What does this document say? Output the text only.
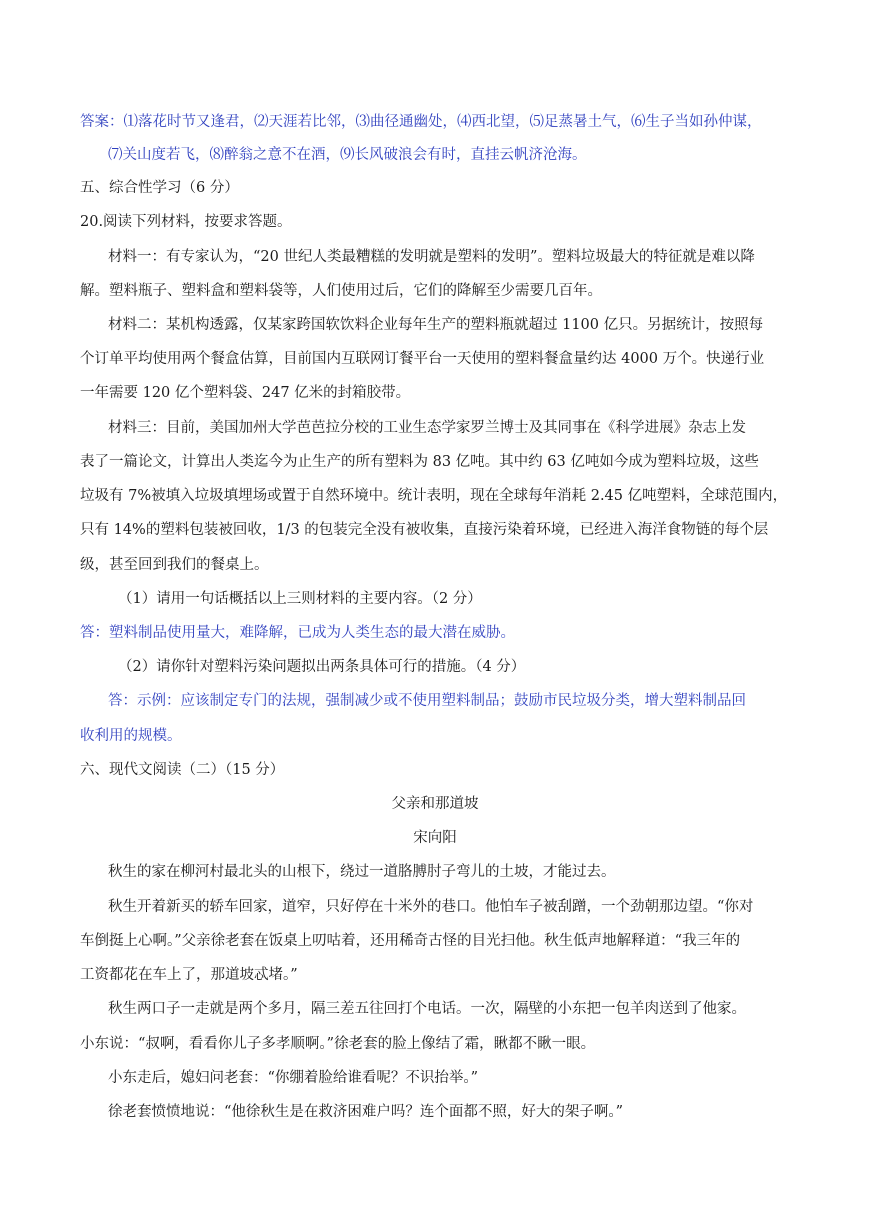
答案：⑴落花时节又逢君，⑵天涯若比邻，⑶曲径通幽处，⑷西北望，⑸足蒸暑土气，⑹生子当如孙仲谋，
⑺关山度若飞，⑻醉翁之意不在酒，⑼长风破浪会有时，直挂云帆济沧海。
五、综合性学习（6 分）
20.阅读下列材料，按要求答题。
材料一：有专家认为，“20 世纪人类最糟糕的发明就是塑料的发明”。塑料垃圾最大的特征就是难以降
解。塑料瓶子、塑料盒和塑料袋等，人们使用过后，它们的降解至少需要几百年。
材料二：某机构透露，仅某家跨国软饮料企业每年生产的塑料瓶就超过 1100 亿只。另据统计，按照每
个订单平均使用两个餐盒估算，目前国内互联网订餐平台一天使用的塑料餐盒量约达 4000 万个。快递行业
一年需要 120 亿个塑料袋、247 亿米的封箱胶带。
材料三：目前，美国加州大学芭芭拉分校的工业生态学家罗兰博士及其同事在《科学进展》杂志上发
表了一篇论文，计算出人类迄今为止生产的所有塑料为 83 亿吨。其中约 63 亿吨如今成为塑料垃圾，这些
垃圾有 7%被填入垃圾填埋场或置于自然环境中。统计表明，现在全球每年消耗 2.45 亿吨塑料，全球范围内，
只有 14%的塑料包装被回收，1/3 的包装完全没有被收集，直接污染着环境，已经进入海洋食物链的每个层
级，甚至回到我们的餐桌上。
（1）请用一句话概括以上三则材料的主要内容。（2 分）
答：塑料制品使用量大，难降解，已成为人类生态的最大潜在威胁。
（2）请你针对塑料污染问题拟出两条具体可行的措施。（4 分）
答：示例：应该制定专门的法规，强制减少或不使用塑料制品；鼓励市民垃圾分类，增大塑料制品回
收利用的规模。
六、现代文阅读（二）（15 分）
父亲和那道坡
宋向阳
秋生的家在柳河村最北头的山根下，绕过一道胳膊肘子弯儿的土坡，才能过去。
秋生开着新买的轿车回家，道窄，只好停在十米外的巷口。他怕车子被刮蹭，一个劲朝那边望。“你对
车倒挺上心啊。”父亲徐老套在饭桌上叨咕着，还用稀奇古怪的目光扫他。秋生低声地解释道：“我三年的
工资都花在车上了，那道坡忒堵。”
秋生两口子一走就是两个多月，隔三差五往回打个电话。一次，隔壁的小东把一包羊肉送到了他家。
小东说：“叔啊，看看你儿子多孝顺啊。”徐老套的脸上像结了霜，瞅都不瞅一眼。
小东走后，媳妇问老套：“你绷着脸给谁看呢？不识抬举。”
徐老套愤愤地说：“他徐秋生是在救济困难户吗？连个面都不照，好大的架子啊。”
